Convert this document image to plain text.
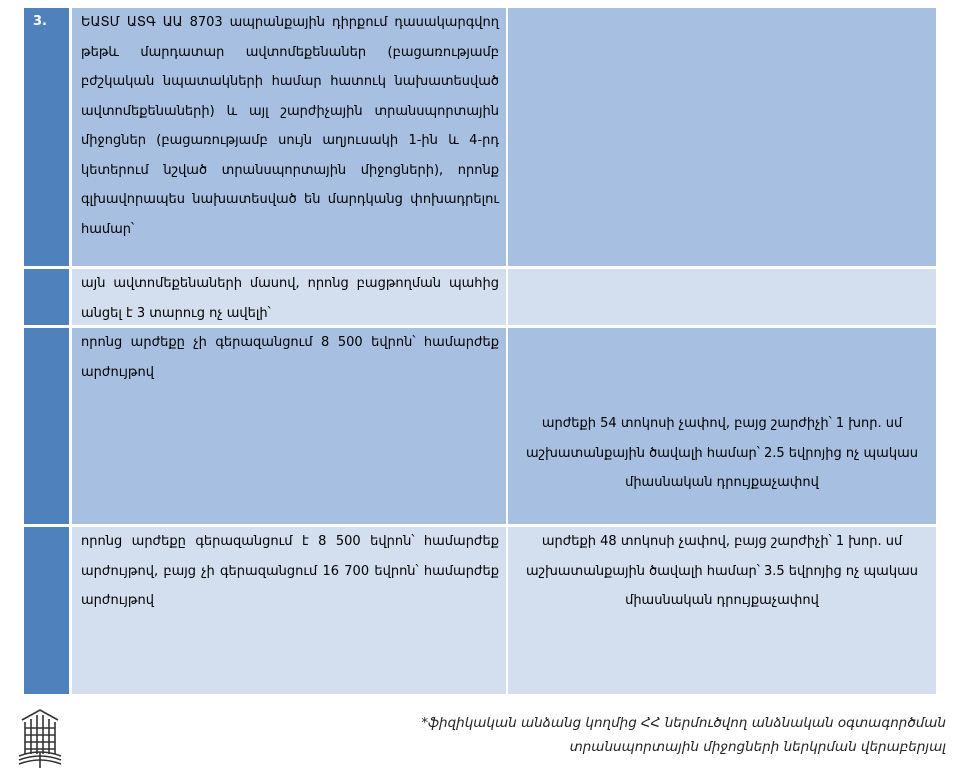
3.	ԵԱՏՄ ԱՏԳ ԱԱ 8703 ապրանքային դիրքում դասակարգվող թեթև մարդատար ավտոմեքենաներ (բացառությամբ բժշկական նպատակների համար հատուկ նախատեսված ավտոմեքենաների) և այլ շարժիչային տրանսպորտային միջոցներ (բացառությամբ սույն աղյուսակի 1-ին և 4-րդ կետերում նշված տրանսպորտային միջոցների), որոնք գլխավորապես նախատեսված են մարդկանց փոխադրելու համար՝
այն ավտոմեքենաների մասով, որոնց բացթողման պահից անցել է 3 տարուց ոչ ավելի՝
որոնց արժեքը չի գերազանցում 8 500 եվրոն՝ համարժեք արժույթով
արժեքի 54 տոկոսի չափով, բայց շարժիչի՝ 1 խոր. սմ աշխատանքային ծավալի համար՝ 2.5 եվրոյից ոչ պակաս միասնական դրույքաչափով
որոնց արժեքը գերազանցում է 8 500 եվրոն՝ համարժեք արժույթով, բայց չի գերազանցում 16 700 եվրոն՝ համարժեք արժույթով
արժեքի 48 տոկոսի չափով, բայց շարժիչի՝ 1 խոր. սմ աշխատանքային ծավալի համար՝ 3.5 եվրոյից ոչ պակաս միասնական դրույքաչափով
*ֆիզիկական անձանց կողմից ՀՀ ներմուծվող անձնական օգտագործման
տրանսպորտային միջոցների ներկրման վերաբերյալ
